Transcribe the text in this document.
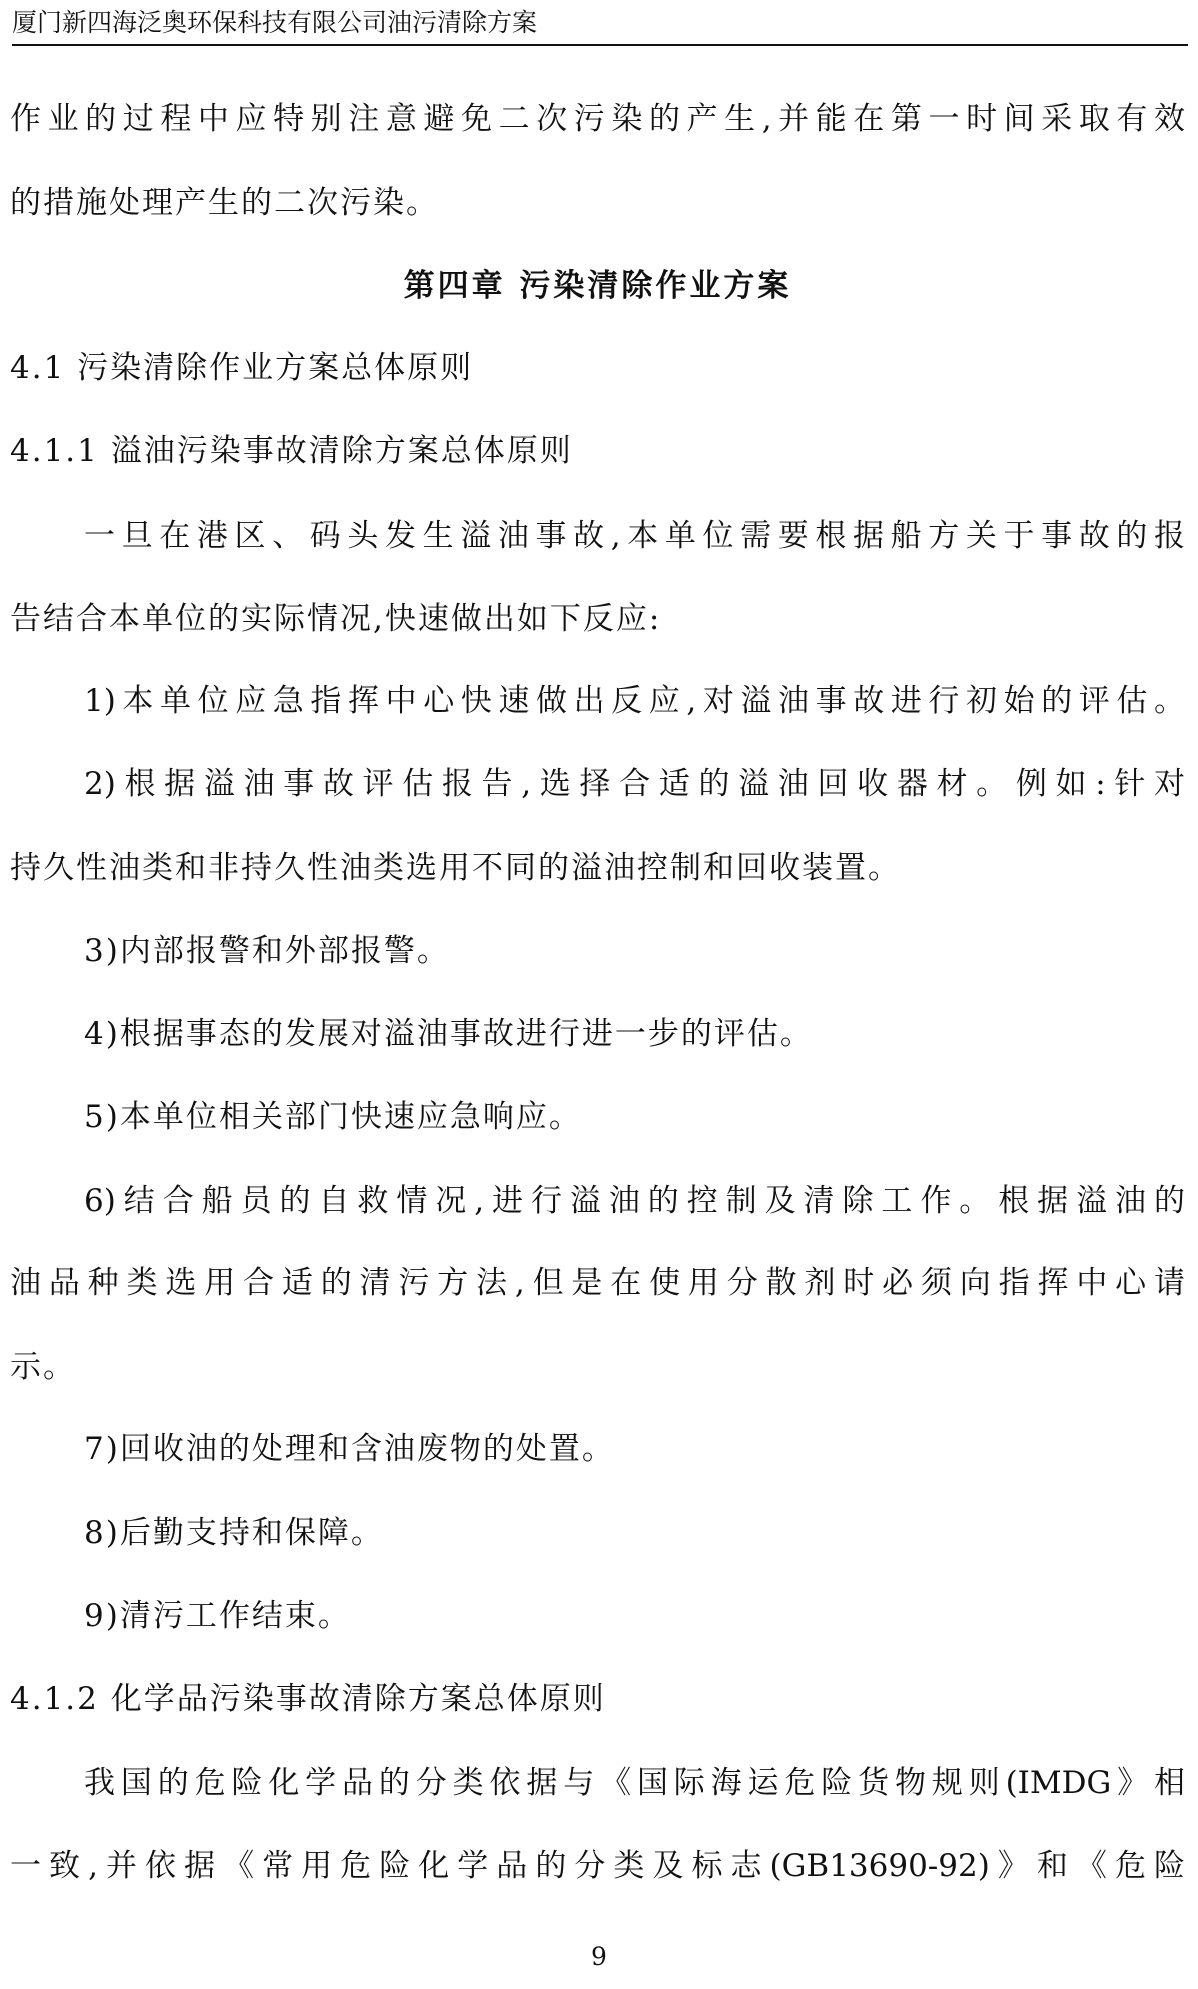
厦门新四海泛奥环保科技有限公司油污清除方案
作业的过程中应特别注意避免二次污染的产生,并能在第一时间采取有效
的措施处理产生的二次污染。
第四章 污染清除作业方案
4.1 污染清除作业方案总体原则
4.1.1 溢油污染事故清除方案总体原则
一旦在港区、码头发生溢油事故,本单位需要根据船方关于事故的报
告结合本单位的实际情况,快速做出如下反应:
1)本单位应急指挥中心快速做出反应,对溢油事故进行初始的评估。
2)根据溢油事故评估报告,选择合适的溢油回收器材。例如:针对
持久性油类和非持久性油类选用不同的溢油控制和回收装置。
3)内部报警和外部报警。
4)根据事态的发展对溢油事故进行进一步的评估。
5)本单位相关部门快速应急响应。
6)结合船员的自救情况,进行溢油的控制及清除工作。根据溢油的
油品种类选用合适的清污方法,但是在使用分散剂时必须向指挥中心请
示。
7)回收油的处理和含油废物的处置。
8)后勤支持和保障。
9)清污工作结束。
4.1.2 化学品污染事故清除方案总体原则
我国的危险化学品的分类依据与《国际海运危险货物规则(IMDG》相
一致,并依据《常用危险化学品的分类及标志(GB13690-92)》和《危险
9
